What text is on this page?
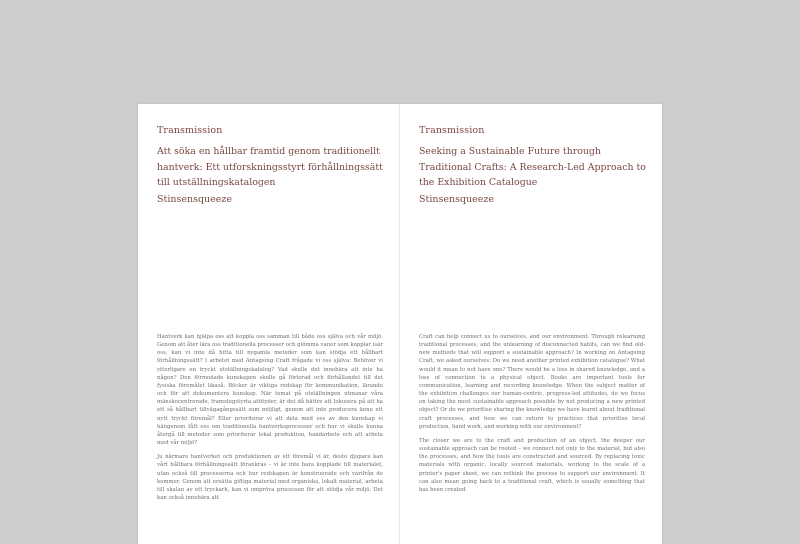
Transmission
Att söka en hållbar framtid genom traditionellt hantverk: Ett utforskningsstyrt förhållningssätt till utställningskatalogen
Stinsensqueeze

Hantverk kan hjälpa oss att koppla oss samman till både oss själva och vår miljö. Genom att åter lära oss traditionella processer och glömma vanor som kopplar isär oss, kan vi inte då hitta till nygamla metoder som kan stödja ett hållbart förhållningssätt? I arbetet med Antagsing Craft frågade vi oss själva: Behöver vi ytterligare en tryckt utställningskatalog? Vad skulle det innebära att inte ha någon? Den förmodade kunskapen skulle gå förlorad och förhållandet till det fysiska föremålet likaså. Böcker är viktiga redskap för kommunikation, lärande och för att dokumentera kunskap. När temat på utställningen utmanar våra mänskocentrerade, framstegstyrtа attityder, är det då bättre att lokusera på att ha ett så hållbart tillvägagångssätt som möjligt, genom att inte producera ännu ett nytt tryckt föremål? Eller prioriterar vi att dela med oss av den kunskap vi hängenom fått oss om traditionella hantverksprocesser och hur vi skulle kunna återgå till metoder som prioriterar lokal produktion, handarbete och att arbeta med vår miljö?

Ju närmare hantverket och produktionen av ett föremål vi är, desto djupare kan vårt hållbara förhållningssätt förankras – vi är inte bara kopplade till materialet, utan också till processerna och hur redskapen är konstruerade och varifrån de kommer. Genom att ersätta giftiga material med organiska, lokalt material, arbeta till skalan av ett tryckark, kan vi ompröva processen för att stödja vår miljö. Det kan också innebära att

Transmission
Seeking a Sustainable Future through Traditional Crafts: A Research-Led Approach to the Exhibition Catalogue
Stinsensqueeze

Craft can help connect us to ourselves, and our environment. Through relearning traditional processes, and the unlearning of disconnected habits, can we find old-new methods that will support a sustainable approach? In working on Antagsing Craft, we asked ourselves: Do we need another printed exhibition catalogue? What would it mean to not have one? There would be a loss in shared knowledge, and a loss of connection to a physical object. Books are important tools for communication, learning and recording knowledge. When the subject matter of the exhibition challenges our human-centric, progress-led attitudes, do we focus on taking the most sustainable approach possible by not producing a new printed object? Or do we prioritise sharing the knowledge we have learnt about traditional craft processes, and how we can return to practices that prioritise local production, hand work, and working with our environment?

The closer we are to the craft and production of an object, the deeper our sustainable approach can be rooted – we connect not only to the material, but also the processes, and how the tools are constructed and sourced. By replacing toxic materials with organic, locally sourced materials, working to the scale of a printer's paper sheet, we can rethink the process to support our environment. It can also mean going back to a traditional craft, which is usually something that has been created
